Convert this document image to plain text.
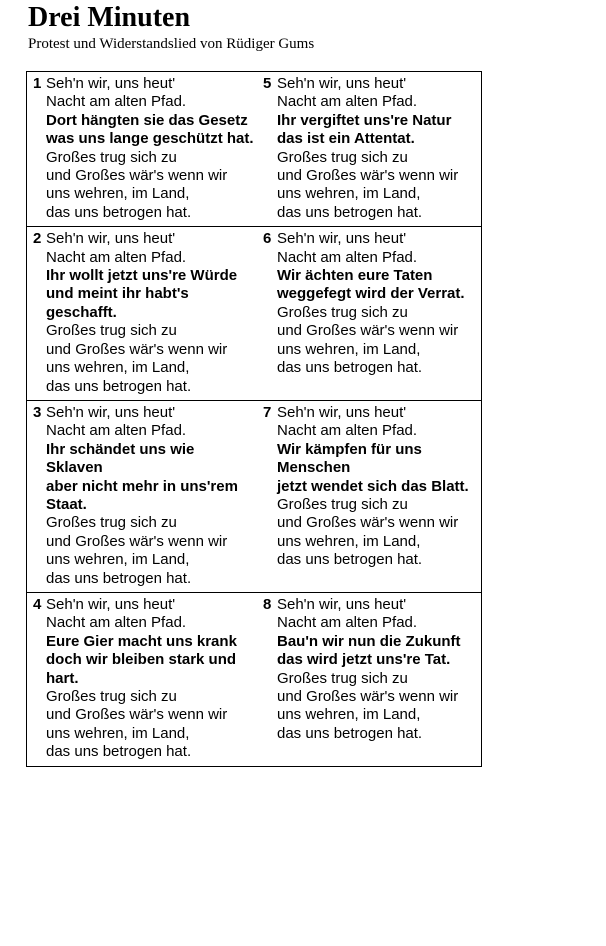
Drei Minuten
Protest und Widerstandslied von Rüdiger Gums
1 Seh'n wir, uns heut'
Nacht am alten Pfad.
Dort hängten sie das Gesetz
was uns lange geschützt hat.
Großes trug sich zu
und Großes wär's wenn wir
uns wehren, im Land,
das uns betrogen hat.
5 Seh'n wir, uns heut'
Nacht am alten Pfad.
Ihr vergiftet uns're Natur
das ist ein Attentat.
Großes trug sich zu
und Großes wär's wenn wir
uns wehren, im Land,
das uns betrogen hat.
2 Seh'n wir, uns heut'
Nacht am alten Pfad.
Ihr wollt jetzt uns're Würde
und meint ihr habt's geschafft.
Großes trug sich zu
und Großes wär's wenn wir
uns wehren, im Land,
das uns betrogen hat.
6 Seh'n wir, uns heut'
Nacht am alten Pfad.
Wir ächten eure Taten
weggefegt wird der Verrat.
Großes trug sich zu
und Großes wär's wenn wir
uns wehren, im Land,
das uns betrogen hat.
3 Seh'n wir, uns heut'
Nacht am alten Pfad.
Ihr schändet uns wie Sklaven
aber nicht mehr in uns'rem Staat.
Großes trug sich zu
und Großes wär's wenn wir
uns wehren, im Land,
das uns betrogen hat.
7 Seh'n wir, uns heut'
Nacht am alten Pfad.
Wir kämpfen für uns Menschen
jetzt wendet sich das Blatt.
Großes trug sich zu
und Großes wär's wenn wir
uns wehren, im Land,
das uns betrogen hat.
4 Seh'n wir, uns heut'
Nacht am alten Pfad.
Eure Gier macht uns krank
doch wir bleiben stark und hart.
Großes trug sich zu
und Großes wär's wenn wir
uns wehren, im Land,
das uns betrogen hat.
8 Seh'n wir, uns heut'
Nacht am alten Pfad.
Bau'n wir nun die Zukunft
das wird jetzt uns're Tat.
Großes trug sich zu
und Großes wär's wenn wir
uns wehren, im Land,
das uns betrogen hat.
